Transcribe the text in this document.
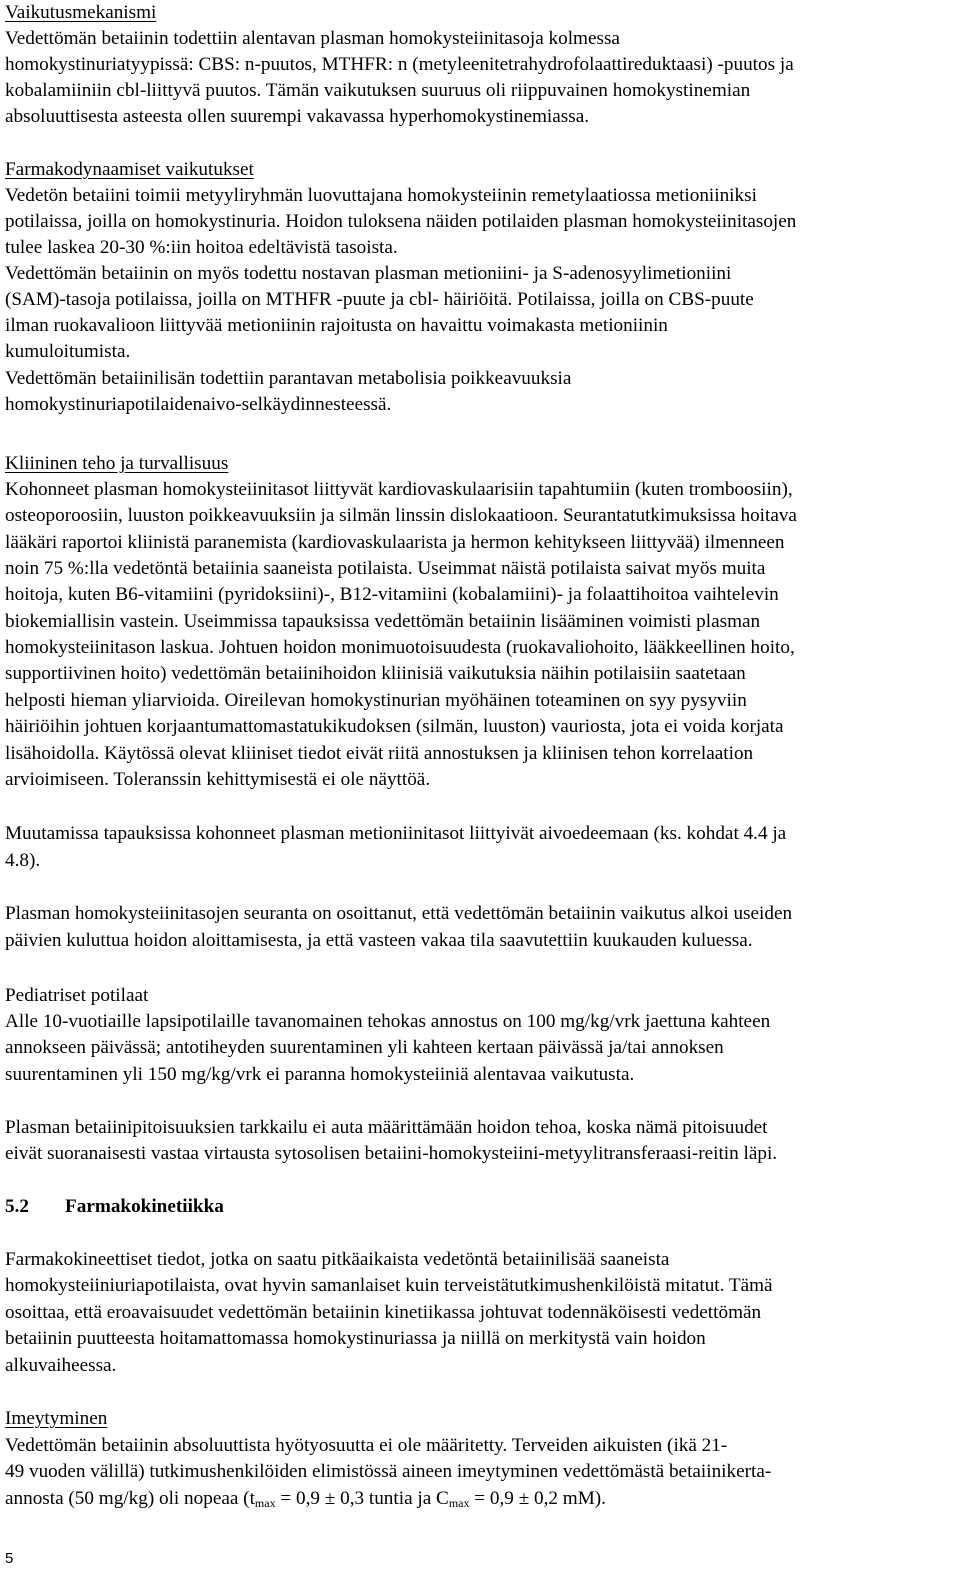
Vaikutusmekanismi
Vedettömän betaiinin todettiin alentavan plasman homokysteiinitasoja kolmessa
homokystinuriatyypissä: CBS: n-puutos, MTHFR: n (metyleenitetrahydrofolaattireduktaasi) -puutos ja
kobalamiiniin cbl-liittyvä puutos. Tämän vaikutuksen suuruus oli riippuvainen homokystinemian
absoluuttisesta asteesta ollen suurempi vakavassa hyperhomokystinemiassa.
Farmakodynaamiset vaikutukset
Vedetön betaiini toimii metyyliryhmän luovuttajana homokysteiinin remetylaatiossa metioniiniksi
potilaissa, joilla on homokystinuria. Hoidon tuloksena näiden potilaiden plasman homokysteiinitasojen
tulee laskea 20-30 %:iin hoitoa edeltävistä tasoista.
Vedettömän betaiinin on myös todettu nostavan plasman metioniini- ja S-adenosyylimetioniini
(SAM)-tasoja potilaissa, joilla on MTHFR -puute ja cbl- häiriöitä. Potilaissa, joilla on CBS-puute
ilman ruokavalioon liittyvää metioniinin rajoitusta on havaittu voimakasta metioniinin
kumuloitumista.
Vedettömän betaiinilisän todettiin parantavan metabolisia poikkeavuuksia
homokystinuriapotilaidenaivo-selkäydinnesteessä.
Kliininen teho ja turvallisuus
Kohonneet plasman homokysteiinitasot liittyvät kardiovaskulaarisiin tapahtumiin (kuten tromboosiin),
osteoporoosiin, luuston poikkeavuuksiin ja silmän linssin dislokaatioon. Seurantatutkimuksissa hoitava
lääkäri raportoi kliinistä paranemista (kardiovaskulaarista ja hermon kehitykseen liittyvää) ilmenneen
noin 75 %:lla vedetöntä betaiinia saaneista potilaista. Useimmat näistä potilaista saivat myös muita
hoitoja, kuten B6-vitamiini (pyridoksiini)-, B12-vitamiini (kobalamiini)- ja folaattihoitoa vaihtelevin
biokemiallisin vastein. Useimmissa tapauksissa vedettömän betaiinin lisääminen voimisti plasman
homokysteiinitason laskua. Johtuen hoidon monimuotoisuudesta (ruokavaliohoito, lääkkeellinen hoito,
supportiivinen hoito) vedettömän betaiinihoidon kliinisiä vaikutuksia näihin potilaisiin saatetaan
helposti hieman yliarvioida. Oireilevan homokystinurian myöhäinen toteaminen on syy pysyviin
häiriöihin johtuen korjaantumattomastatukikudoksen (silmän, luuston) vauriosta, jota ei voida korjata
lisähoidolla. Käytössä olevat kliiniset tiedot eivät riitä annostuksen ja kliinisen tehon korrelaation
arvioimiseen. Toleranssin kehittymisestä ei ole näyttöä.
Muutamissa tapauksissa kohonneet plasman metioniinitasot liittyivät aivoedeemaan (ks. kohdat 4.4 ja
4.8).
Plasman homokysteiinitasojen seuranta on osoittanut, että vedettömän betaiinin vaikutus alkoi useiden
päivien kuluttua hoidon aloittamisesta, ja että vasteen vakaa tila saavutettiin kuukauden kuluessa.
Pediatriset potilaat
Alle 10-vuotiaille lapsipotilaille tavanomainen tehokas annostus on 100 mg/kg/vrk jaettuna kahteen
annokseen päivässä; antotiheyden suurentaminen yli kahteen kertaan päivässä ja/tai annoksen
suurentaminen yli 150 mg/kg/vrk ei paranna homokysteiiniä alentavaa vaikutusta.
Plasman betaiinipitoisuuksien tarkkailu ei auta määrittämään hoidon tehoa, koska nämä pitoisuudet
eivät suoranaisesti vastaa virtausta sytosolisen betaiini-homokysteiini-metyylitransferaasi-reitin läpi.
5.2 Farmakokinetiikka
Farmakokineettiset tiedot, jotka on saatu pitkäaikaista vedetöntä betaiinilisää saaneista
homokysteiiniuriapotilaista, ovat hyvin samanlaiset kuin terveistätutkimushenkilöistä mitatut. Tämä
osoittaa, että eroavaisuudet vedettömän betaiinin kinetiikassa johtuvat todennäköisesti vedettömän
betaiinin puutteesta hoitamattomassa homokystinuriassa ja niillä on merkitystä vain hoidon
alkuvaiheessa.
Imeytyminen
Vedettömän betaiinin absoluuttista hyötyosuutta ei ole määritetty. Terveiden aikuisten (ikä 21-
49 vuoden välillä) tutkimushenkilöiden elimistössä aineen imeytyminen vedettömästä betaiinikerta-
annosta (50 mg/kg) oli nopeaa ($t_{max} = 0,9 \pm 0,3$ tuntia ja $C_{max} = 0,9 \pm 0,2$ mM).
5
